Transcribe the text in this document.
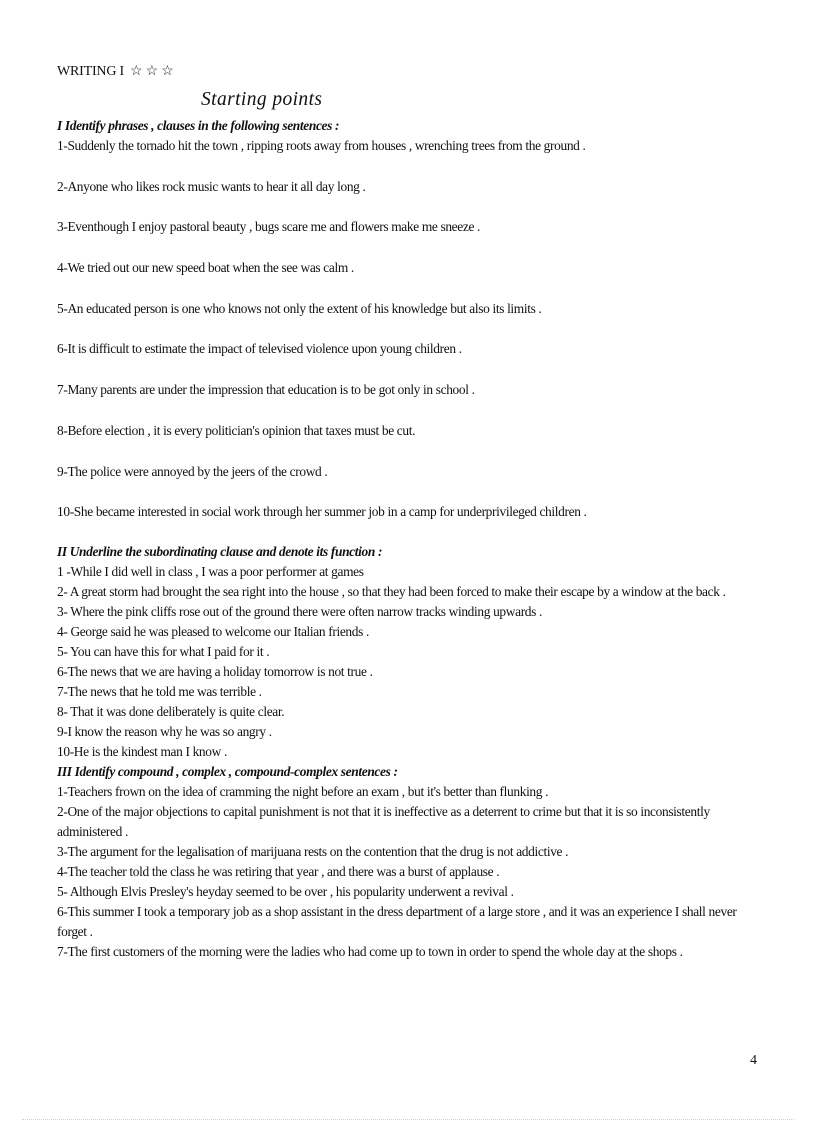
WRITING I ☆☆☆
Starting points
I Identify phrases , clauses in the following sentences :

1-Suddenly the tornado hit the town , ripping roots away from houses , wrenching trees from the ground .

2-Anyone who likes rock music wants to hear it all day long .

3-Eventhough I enjoy pastoral beauty , bugs scare me and flowers make me sneeze .

4-We tried out our new speed boat when the see was calm .

5-An educated person is one who knows not only the extent of his knowledge but also its limits .

6-It is difficult to estimate the impact of televised violence upon young children .

7-Many parents are under the impression that education is to be got only in school .

8-Before election , it is every politician's opinion that taxes must be cut.

9-The police were annoyed by the jeers of the crowd .

10-She became interested in social work through her summer job in a camp for underprivileged children .

II Underline the subordinating clause and denote its function :

1 -While I did well in class , I was a poor performer at games

2- A great storm had brought the sea right into the house , so that they had been forced to make their escape by a window at the back .

3- Where the pink cliffs rose out of the ground there were often narrow tracks winding upwards .

4- George said he was pleased to welcome our Italian friends .

5- You can have this for what I paid for it .

6-The news that we are having a holiday tomorrow is not true .

7-The news that he told me was terrible .

8- That it was done deliberately is quite clear.

9-I know the reason why he was so angry .

10-He is the kindest man I know .

III Identify compound , complex , compound-complex sentences :

1-Teachers frown on the idea of cramming the night before an exam , but it's better than flunking .

2-One of the major objections to capital punishment is not that it is ineffective as a deterrent to crime but that it is so inconsistently administered .

3-The argument for the legalisation of marijuana rests on the contention that the drug is not addictive .

4-The teacher told the class he was retiring that year , and there was a burst of applause .

5- Although Elvis Presley's heyday seemed to be over , his popularity underwent a revival .

6-This summer I took a temporary job as a shop assistant in the dress department of a large store , and it was an experience I shall never forget .

7-The first customers of the morning were the ladies who had come up to town in order to spend the whole day at the shops .

4
